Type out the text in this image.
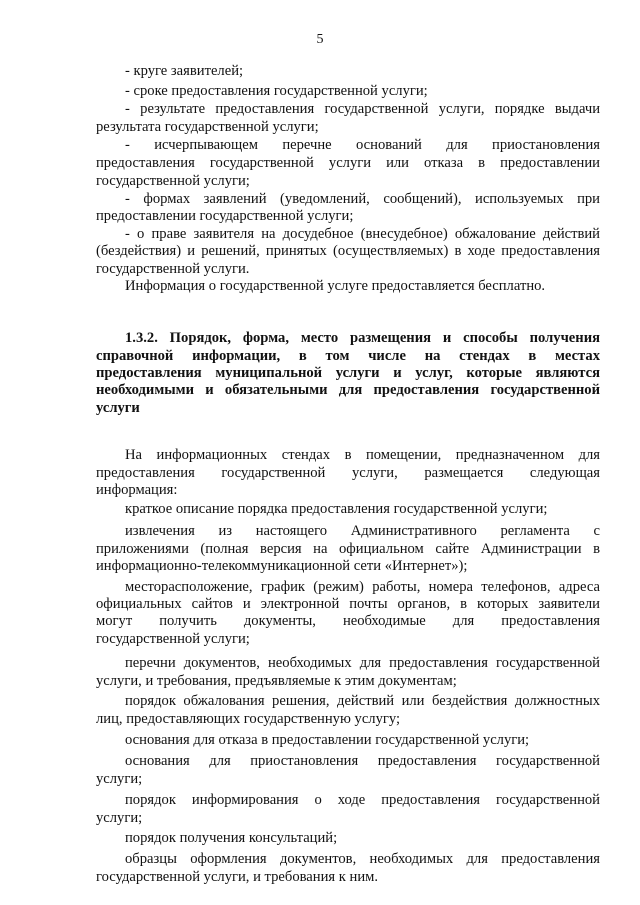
5
- круге заявителей;
- сроке предоставления государственной услуги;
- результате предоставления государственной услуги, порядке выдачи
результата государственной услуги;
- исчерпывающем перечне оснований для приостановления
предоставления государственной услуги или отказа в предоставлении
государственной услуги;
- формах заявлений (уведомлений, сообщений), используемых при
предоставлении государственной услуги;
- о праве заявителя на досудебное (внесудебное) обжалование действий
(бездействия) и решений, принятых (осуществляемых) в ходе предоставления
государственной услуги.
Информация о государственной услуге предоставляется бесплатно.
1.3.2. Порядок, форма, место размещения и способы получения
справочной информации, в том числе на стендах в местах
предоставления муниципальной услуги и услуг, которые являются
необходимыми и обязательными для предоставления государственной
услуги
На информационных стендах в помещении, предназначенном для
предоставления государственной услуги, размещается следующая
информация:
краткое описание порядка предоставления государственной услуги;
извлечения из настоящего Административного регламента с
приложениями (полная версия на официальном сайте Администрации в
информационно-телекоммуникационной сети «Интернет»);
месторасположение, график (режим) работы, номера телефонов, адреса
официальных сайтов и электронной почты органов, в которых заявители
могут получить документы, необходимые для предоставления
государственной услуги;
перечни документов, необходимых для предоставления государственной
услуги, и требования, предъявляемые к этим документам;
порядок обжалования решения, действий или бездействия должностных
лиц, предоставляющих государственную услугу;
основания для отказа в предоставлении государственной услуги;
основания для приостановления предоставления государственной
услуги;
порядок информирования о ходе предоставления государственной
услуги;
порядок получения консультаций;
образцы оформления документов, необходимых для предоставления
государственной услуги, и требования к ним.
